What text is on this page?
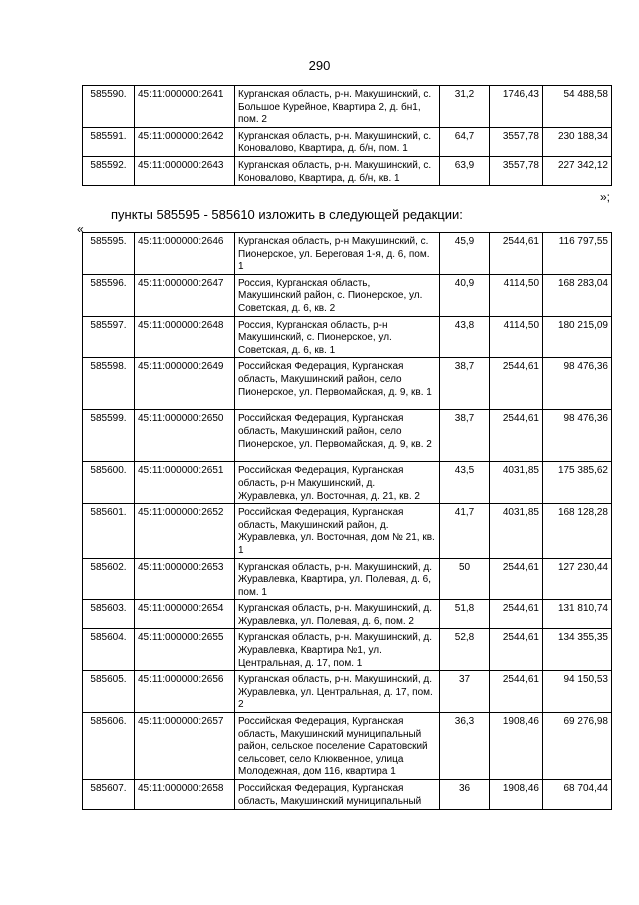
290
585590.	45:11:000000:2641	Курганская область, р-н. Макушинский, с. Большое Курейное, Квартира 2, д. бн1, пом. 2	31,2	1746,43	54 488,58
585591.	45:11:000000:2642	Курганская область, р-н. Макушинский, с. Коновалово, Квартира, д. б/н, пом. 1	64,7	3557,78	230 188,34
585592.	45:11:000000:2643	Курганская область, р-н. Макушинский, с. Коновалово, Квартира, д. б/н, кв. 1	63,9	3557,78	227 342,12
»;
пункты 585595 - 585610 изложить в следующей редакции:
«
585595.	45:11:000000:2646	Курганская область, р-н Макушинский, с. Пионерское, ул. Береговая 1-я, д. 6, пом. 1	45,9	2544,61	116 797,55
585596.	45:11:000000:2647	Россия, Курганская область, Макушинский район, с. Пионерское, ул. Советская, д. 6, кв. 2	40,9	4114,50	168 283,04
585597.	45:11:000000:2648	Россия, Курганская область, р-н Макушинский, с. Пионерское, ул. Советская, д. 6, кв. 1	43,8	4114,50	180 215,09
585598.	45:11:000000:2649	Российская Федерация, Курганская область, Макушинский район, село Пионерское, ул. Первомайская, д. 9, кв. 1	38,7	2544,61	98 476,36
585599.	45:11:000000:2650	Российская Федерация, Курганская область, Макушинский район, село Пионерское, ул. Первомайская, д. 9, кв. 2	38,7	2544,61	98 476,36
585600.	45:11:000000:2651	Российская Федерация, Курганская область, р-н Макушинский, д. Журавлевка, ул. Восточная, д. 21, кв. 2	43,5	4031,85	175 385,62
585601.	45:11:000000:2652	Российская Федерация, Курганская область, Макушинский район, д. Журавлевка, ул. Восточная, дом № 21, кв. 1	41,7	4031,85	168 128,28
585602.	45:11:000000:2653	Курганская область, р-н. Макушинский, д. Журавлевка, Квартира, ул. Полевая, д. 6, пом. 1	50	2544,61	127 230,44
585603.	45:11:000000:2654	Курганская область, р-н. Макушинский, д. Журавлевка, ул. Полевая, д. 6, пом. 2	51,8	2544,61	131 810,74
585604.	45:11:000000:2655	Курганская область, р-н. Макушинский, д. Журавлевка, Квартира №1, ул. Центральная, д. 17, пом. 1	52,8	2544,61	134 355,35
585605.	45:11:000000:2656	Курганская область, р-н. Макушинский, д. Журавлевка, ул. Центральная, д. 17, пом. 2	37	2544,61	94 150,53
585606.	45:11:000000:2657	Российская Федерация, Курганская область, Макушинский муниципальный район, сельское поселение Саратовский сельсовет, село Клюквенное, улица Молодежная, дом 116, квартира 1	36,3	1908,46	69 276,98
585607.	45:11:000000:2658	Российская Федерация, Курганская область, Макушинский муниципальный	36	1908,46	68 704,44
